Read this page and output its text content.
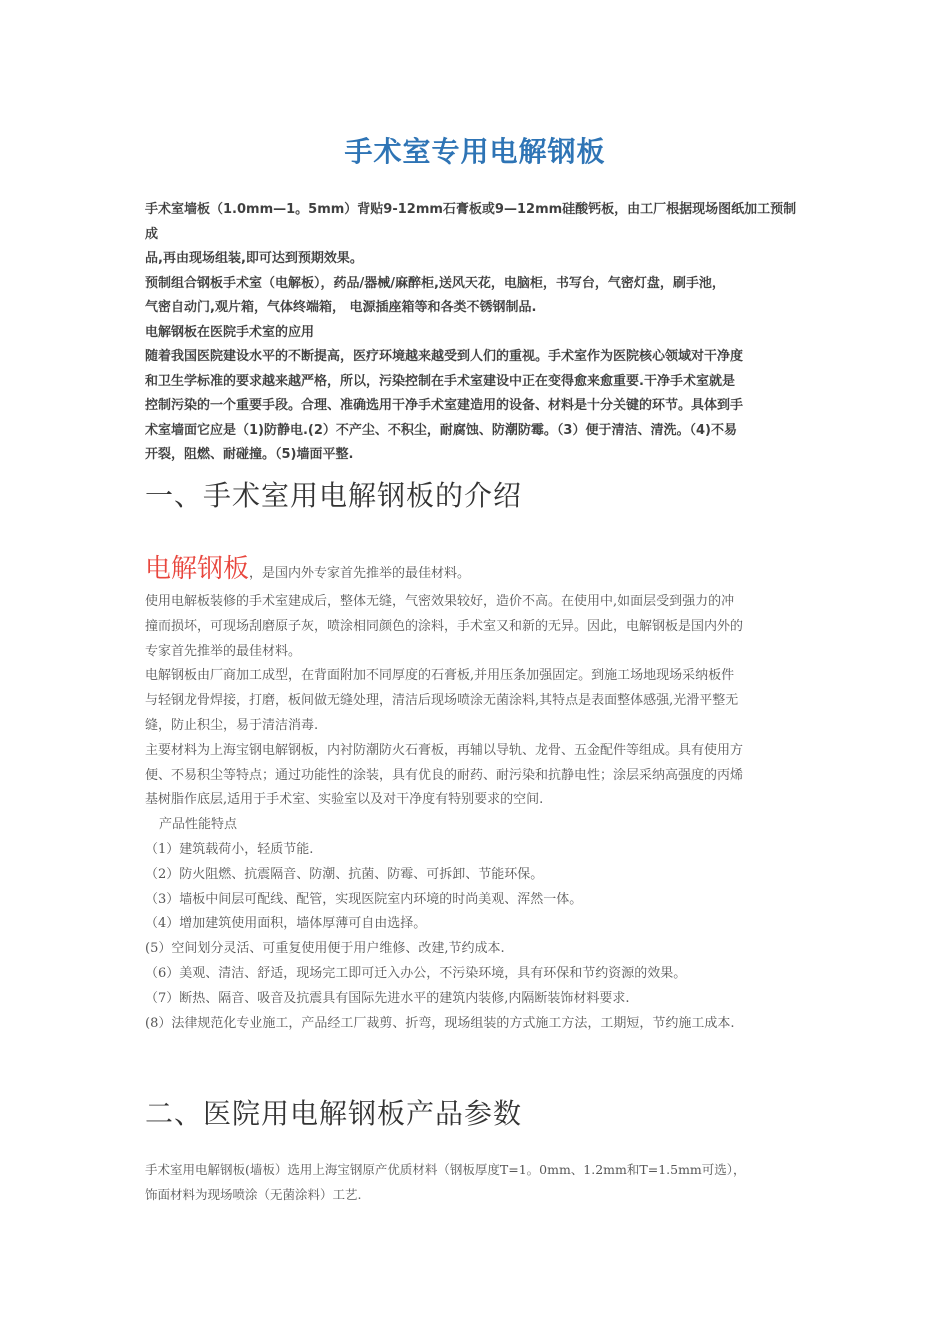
手术室专用电解钢板

手术室墙板（1.0mm—1。5mm）背贴9-12mm石膏板或9—12mm硅酸钙板，由工厂根据现场图纸加工预制成

品,再由现场组装,即可达到预期效果。

预制组合钢板手术室（电解板），药品/器械/麻醉柜,送风天花，电脑柜，书写台，气密灯盘，刷手池，

气密自动门,观片箱，气体终端箱， 电源插座箱等和各类不锈钢制品.

电解钢板在医院手术室的应用

随着我国医院建设水平的不断提高，医疗环境越来越受到人们的重视。手术室作为医院核心领域对干净度

和卫生学标准的要求越来越严格，所以，污染控制在手术室建设中正在变得愈来愈重要.干净手术室就是

控制污染的一个重要手段。合理、准确选用干净手术室建造用的设备、材料是十分关键的环节。具体到手

术室墙面它应是（1)防静电.(2）不产尘、不积尘，耐腐蚀、防潮防霉。（3）便于清洁、清洗。（4)不易

开裂，阻燃、耐碰撞。（5)墙面平整.

一、手术室用电解钢板的介绍

电解钢板，是国内外专家首先推举的最佳材料。

使用电解板装修的手术室建成后，整体无缝，气密效果较好，造价不高。在使用中,如面层受到强力的冲

撞而损坏，可现场刮磨原子灰，喷涂相同颜色的涂料，手术室又和新的无异。因此，电解钢板是国内外的

专家首先推举的最佳材料。

电解钢板由厂商加工成型，在背面附加不同厚度的石膏板,并用压条加强固定。到施工场地现场采纳板件

与轻钢龙骨焊接，打磨，板间做无缝处理，清洁后现场喷涂无菌涂料,其特点是表面整体感强,光滑平整无

缝，防止积尘，易于清洁消毒.

主要材料为上海宝钢电解钢板，内衬防潮防火石膏板，再辅以导轨、龙骨、五金配件等组成。具有使用方

便、不易积尘等特点；通过功能性的涂装，具有优良的耐药、耐污染和抗静电性；涂层采纳高强度的丙烯

基树脂作底层,适用于手术室、实验室以及对干净度有特别要求的空间.

产品性能特点

（1）建筑载荷小，轻质节能.

（2）防火阻燃、抗震隔音、防潮、抗菌、防霉、可拆卸、节能环保。

（3）墙板中间层可配线、配管，实现医院室内环境的时尚美观、浑然一体。

（4）增加建筑使用面积，墙体厚薄可自由选择。

(5）空间划分灵活、可重复使用便于用户维修、改建,节约成本.

（6）美观、清洁、舒适，现场完工即可迁入办公，不污染环境，具有环保和节约资源的效果。

（7）断热、隔音、吸音及抗震具有国际先进水平的建筑内装修,内隔断装饰材料要求.

(8）法律规范化专业施工，产品经工厂裁剪、折弯，现场组装的方式施工方法，工期短，节约施工成本.

二、医院用电解钢板产品参数

手术室用电解钢板(墙板）选用上海宝钢原产优质材料（钢板厚度T=1。0mm、1.2mm和T=1.5mm可选），

饰面材料为现场喷涂（无菌涂料）工艺.
